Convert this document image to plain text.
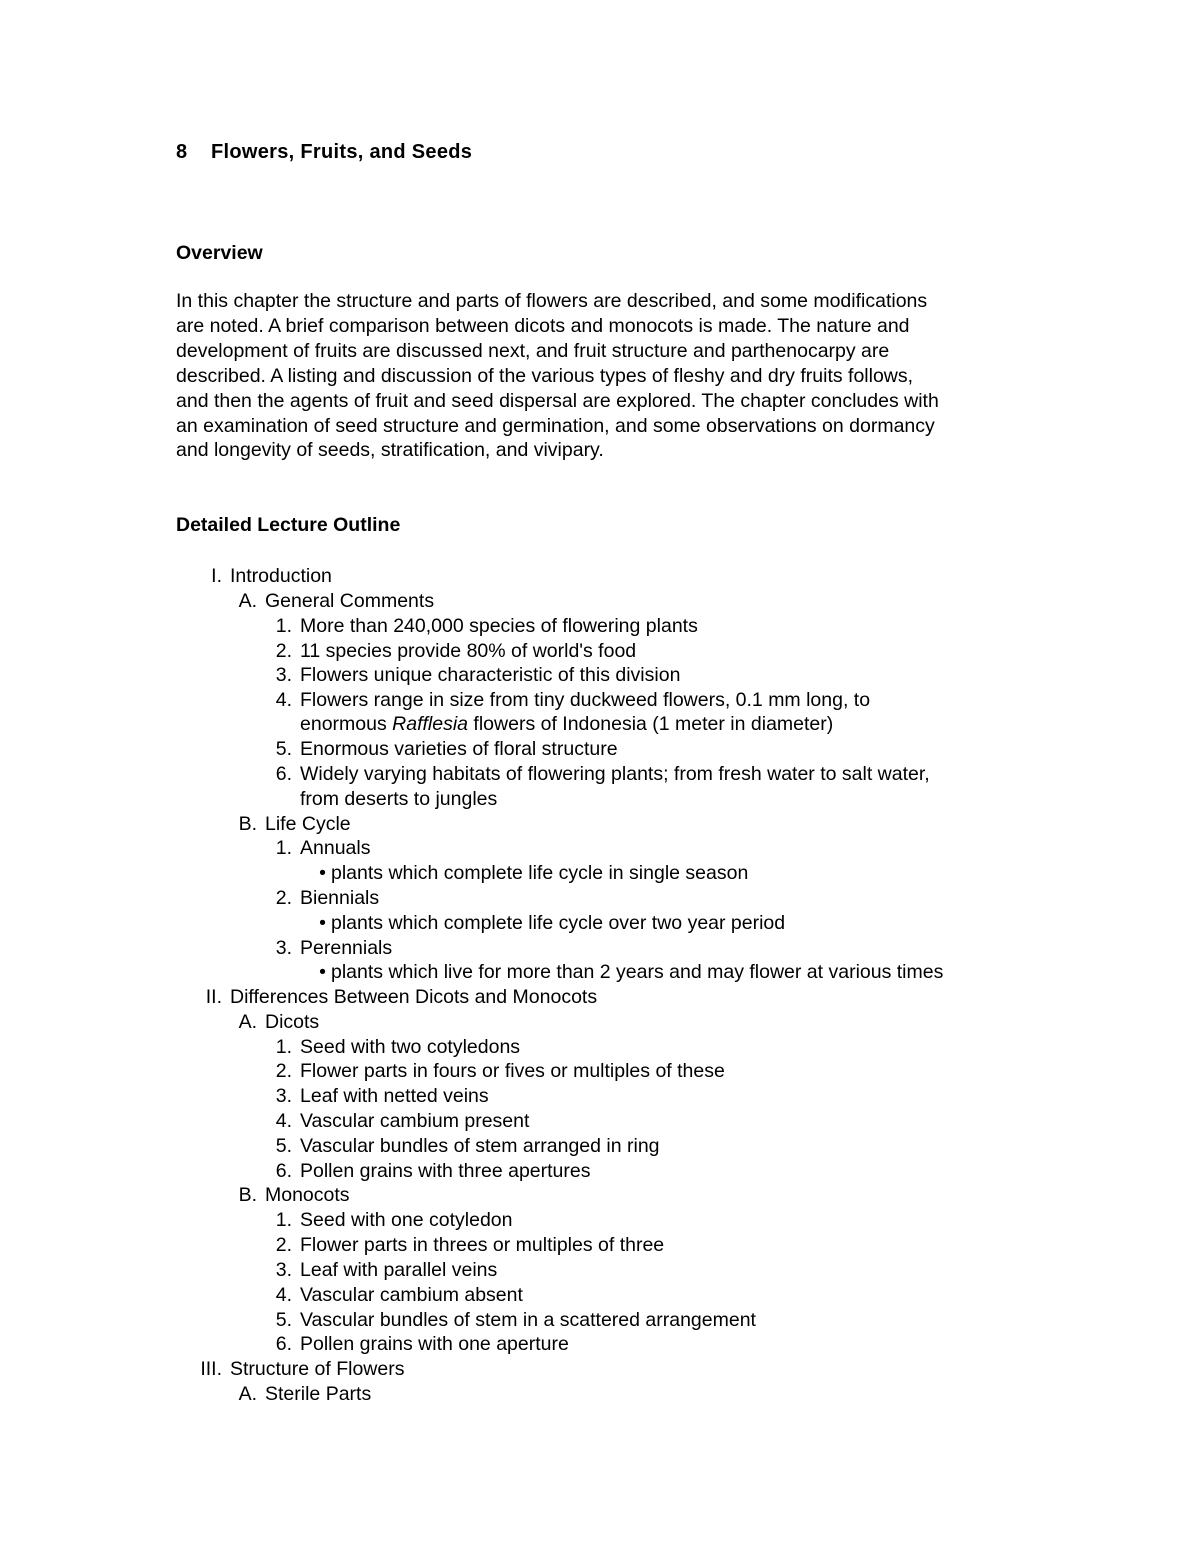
8 Flowers, Fruits, and Seeds
Overview
In this chapter the structure and parts of flowers are described, and some modifications
are noted. A brief comparison between dicots and monocots is made. The nature and
development of fruits are discussed next, and fruit structure and parthenocarpy are
described. A listing and discussion of the various types of fleshy and dry fruits follows,
and then the agents of fruit and seed dispersal are explored. The chapter concludes with
an examination of seed structure and germination, and some observations on dormancy
and longevity of seeds, stratification, and vivipary.
Detailed Lecture Outline
I. Introduction
A. General Comments
1. More than 240,000 species of flowering plants
2. 11 species provide 80% of world's food
3. Flowers unique characteristic of this division
4. Flowers range in size from tiny duckweed flowers, 0.1 mm long, to
enormous Rafflesia flowers of Indonesia (1 meter in diameter)
5. Enormous varieties of floral structure
6. Widely varying habitats of flowering plants; from fresh water to salt water,
from deserts to jungles
B. Life Cycle
1. Annuals
• plants which complete life cycle in single season
2. Biennials
• plants which complete life cycle over two year period
3. Perennials
• plants which live for more than 2 years and may flower at various times
II. Differences Between Dicots and Monocots
A. Dicots
1. Seed with two cotyledons
2. Flower parts in fours or fives or multiples of these
3. Leaf with netted veins
4. Vascular cambium present
5. Vascular bundles of stem arranged in ring
6. Pollen grains with three apertures
B. Monocots
1. Seed with one cotyledon
2. Flower parts in threes or multiples of three
3. Leaf with parallel veins
4. Vascular cambium absent
5. Vascular bundles of stem in a scattered arrangement
6. Pollen grains with one aperture
III. Structure of Flowers
A. Sterile Parts
